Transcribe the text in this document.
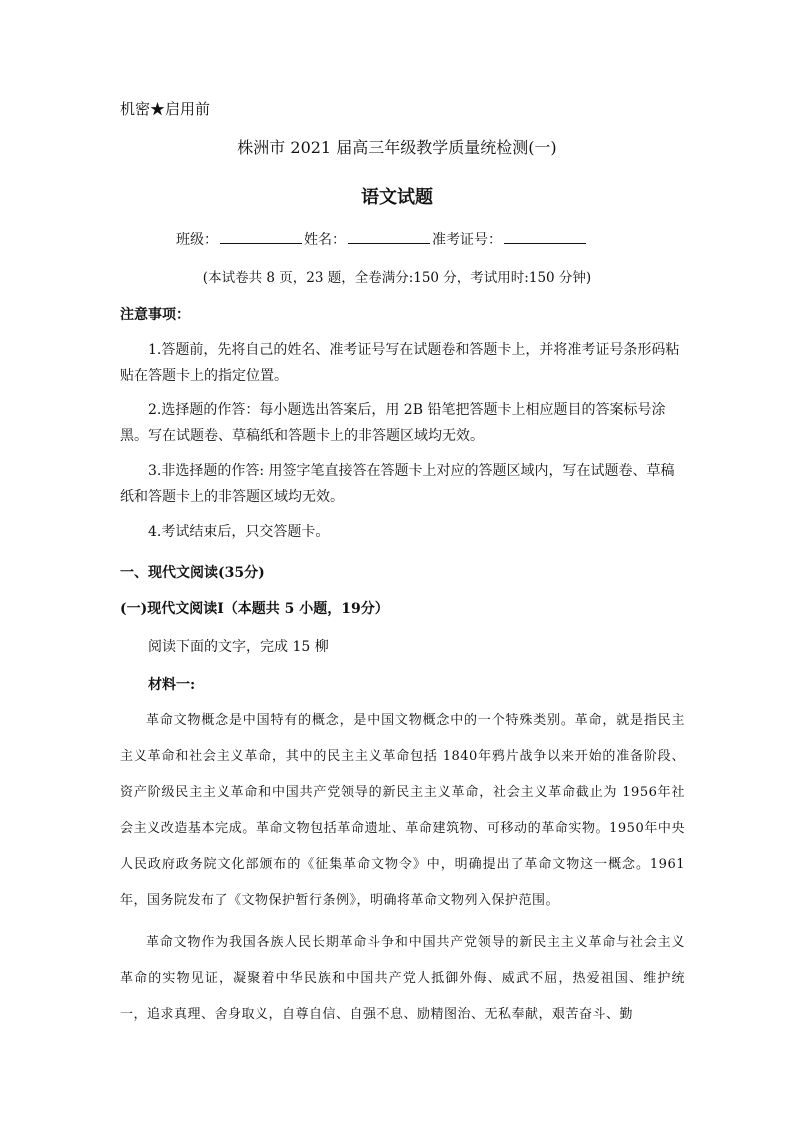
机密★启用前
株洲市 2021 届高三年级教学质量统检测(一)
语文试题
班级：	姓名：	准考证号：
(本试卷共 8 页，23 题，全卷满分:150 分，考试用时:150 分钟)
注意事项：
1.答题前，先将自己的姓名、准考证号写在试题卷和答题卡上，并将准考证号条形码粘贴在答题卡上的指定位置。
2.选择题的作答：每小题选出答案后，用 2B 铅笔把答题卡上相应题目的答案标号涂黑。写在试题卷、草稿纸和答题卡上的非答题区域均无效。
3.非选择题的作答: 用签字笔直接答在答题卡上对应的答题区域内，写在试题卷、草稿纸和答题卡上的非答题区域均无效。
4.考试结束后，只交答题卡。
一、现代文阅读(35分)
(一)现代文阅读Ⅰ（本题共 5 小题，19分）
阅读下面的文字，完成 15 柳
材料一:

革命文物概念是中国特有的概念，是中国文物概念中的一个特殊类别。革命，就是指民主主义革命和社会主义革命，其中的民主主义革命包括 1840年鸦片战争以来开始的准备阶段、资产阶级民主主义革命和中国共产党领导的新民主主义革命，社会主义革命截止为 1956年社会主义改造基本完成。革命文物包括革命遗址、革命建筑物、可移动的革命实物。1950年中央人民政府政务院文化部颁布的《征集革命文物令》中，明确提出了革命文物这一概念。1961年，国务院发布了《文物保护暂行条例》，明确将革命文物列入保护范围。

革命文物作为我国各族人民长期革命斗争和中国共产党领导的新民主主义革命与社会主义革命的实物见证，凝聚着中华民族和中国共产党人抵御外侮、威武不屈，热爱祖国、维护统一，追求真理、舍身取义，自尊自信、自强不息、励精图治、无私奉献，艰苦奋斗、勤
